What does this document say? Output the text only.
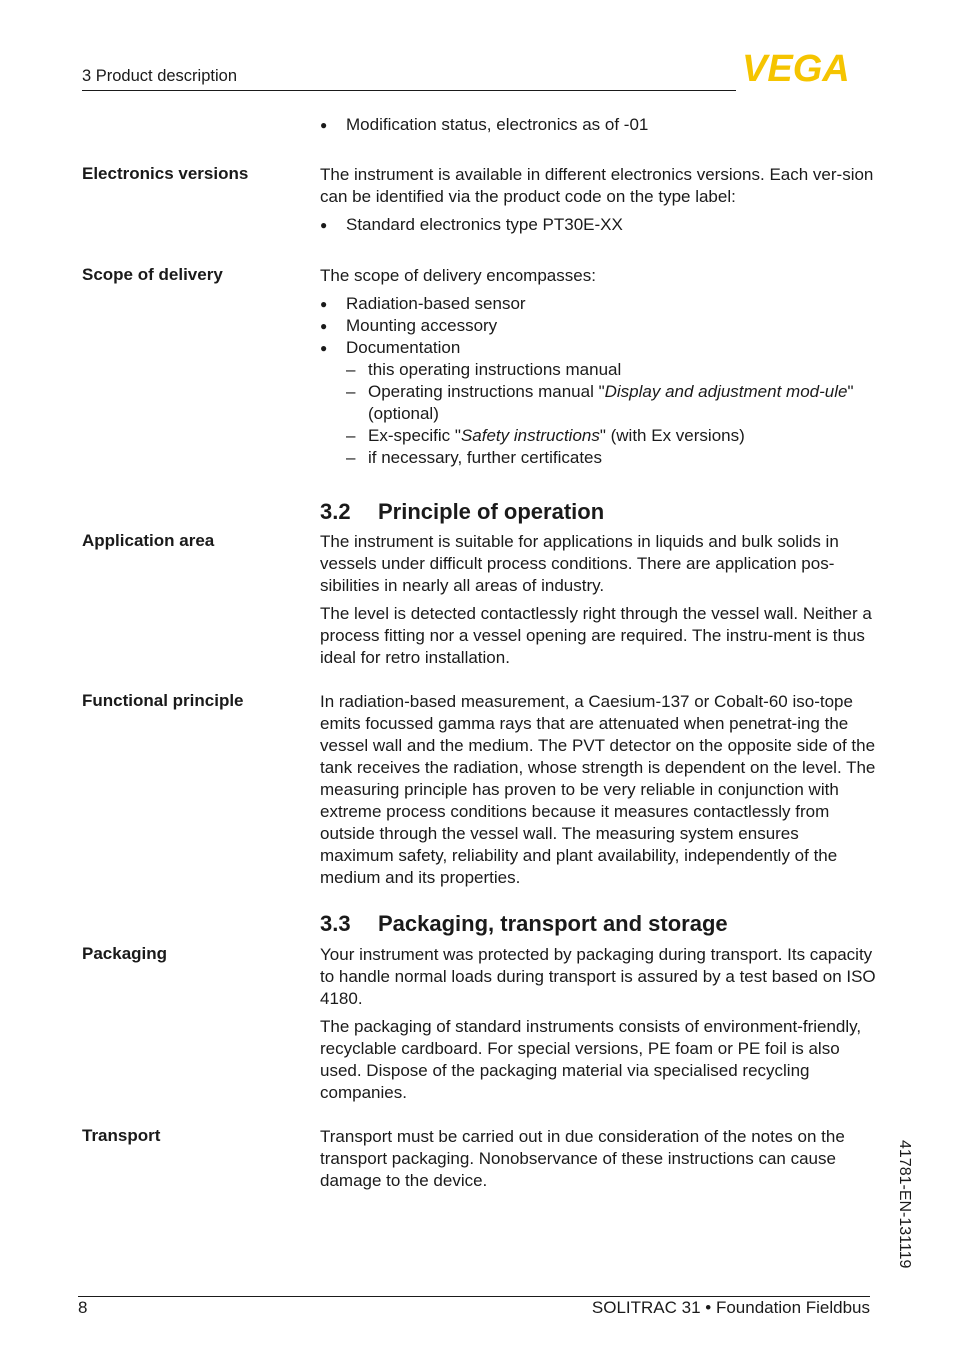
3 Product description	VEGA
● Modification status, electronics as of -01
Electronics versions	The instrument is available in different electronics versions. Each ver-sion can be identified via the product code on the type label:

● Standard electronics type PT30E-XX
Scope of delivery	The scope of delivery encompasses:

● Radiation-based sensor
● Mounting accessory
● Documentation
– this operating instructions manual
– Operating instructions manual "Display and adjustment mod-ule" (optional)
– Ex-specific "Safety instructions" (with Ex versions)
– if necessary, further certificates
3.2 Principle of operation
Application area	The instrument is suitable for applications in liquids and bulk solids in vessels under difficult process conditions. There are application pos-sibilities in nearly all areas of industry.

The level is detected contactlessly right through the vessel wall. Neither a process fitting nor a vessel opening are required. The instru-ment is thus ideal for retro installation.

Functional principle	In radiation-based measurement, a Caesium-137 or Cobalt-60 iso-tope emits focussed gamma rays that are attenuated when penetrat-ing the vessel wall and the medium. The PVT detector on the opposite side of the tank receives the radiation, whose strength is dependent on the level. The measuring principle has proven to be very reliable in conjunction with extreme process conditions because it measures contactlessly from outside through the vessel wall. The measuring system ensures maximum safety, reliability and plant availability, independently of the medium and its properties.

3.3 Packaging, transport and storage
Packaging	Your instrument was protected by packaging during transport. Its capacity to handle normal loads during transport is assured by a test based on ISO 4180.

The packaging of standard instruments consists of environment-friendly, recyclable cardboard. For special versions, PE foam or PE foil is also used. Dispose of the packaging material via specialised recycling companies.

Transport	Transport must be carried out in due consideration of the notes on the transport packaging. Nonobservance of these instructions can cause damage to the device.	41781-EN-131119
8	SOLITRAC 31 • Foundation Fieldbus
